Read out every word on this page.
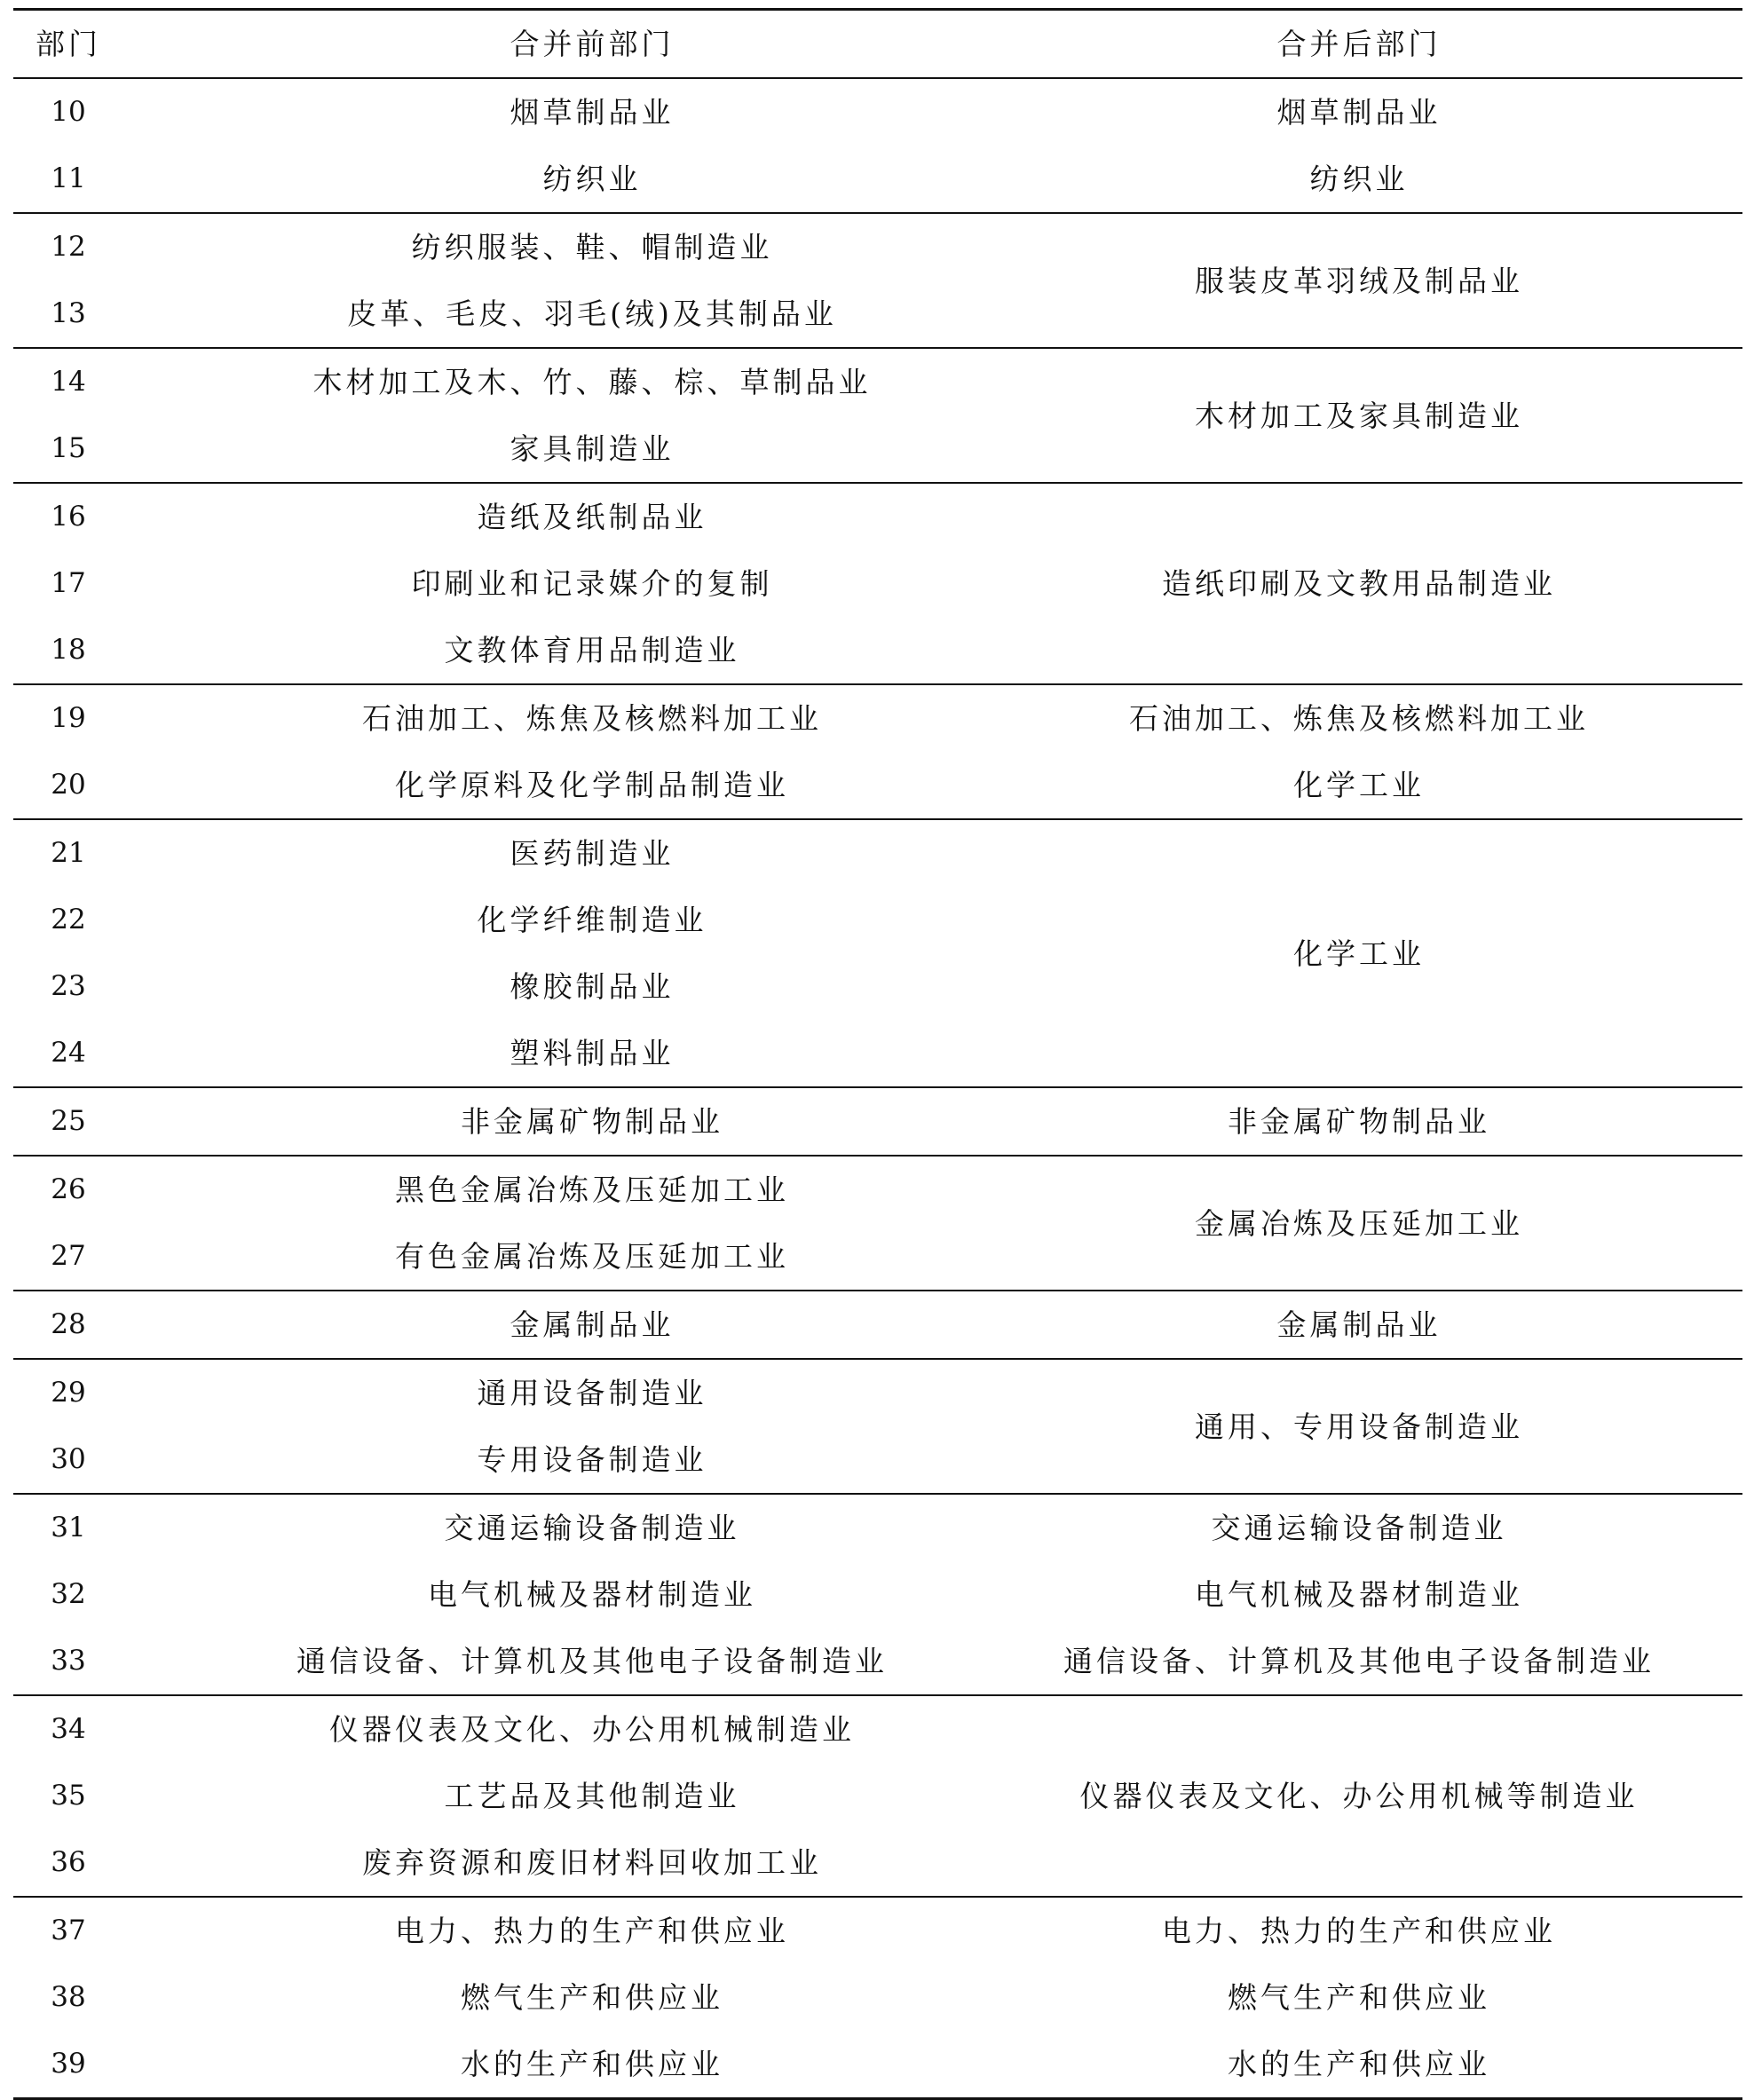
部门	合并前部门	合并后部门
10	烟草制品业	烟草制品业
11	纺织业	纺织业
12	纺织服装、鞋、帽制造业	服装皮革羽绒及制品业
13	皮革、毛皮、羽毛(绒)及其制品业	
14	木材加工及木、竹、藤、棕、草制品业	木材加工及家具制造业
15	家具制造业	
16	造纸及纸制品业	造纸印刷及文教用品制造业
17	印刷业和记录媒介的复制	
18	文教体育用品制造业	
19	石油加工、炼焦及核燃料加工业	石油加工、炼焦及核燃料加工业
20	化学原料及化学制品制造业	化学工业
21	医药制造业	化学工业
22	化学纤维制造业	
23	橡胶制品业	
24	塑料制品业	
25	非金属矿物制品业	非金属矿物制品业
26	黑色金属冶炼及压延加工业	金属冶炼及压延加工业
27	有色金属冶炼及压延加工业	
28	金属制品业	金属制品业
29	通用设备制造业	通用、专用设备制造业
30	专用设备制造业	
31	交通运输设备制造业	交通运输设备制造业
32	电气机械及器材制造业	电气机械及器材制造业
33	通信设备、计算机及其他电子设备制造业	通信设备、计算机及其他电子设备制造业
34	仪器仪表及文化、办公用机械制造业	仪器仪表及文化、办公用机械等制造业
35	工艺品及其他制造业	
36	废弃资源和废旧材料回收加工业	
37	电力、热力的生产和供应业	电力、热力的生产和供应业
38	燃气生产和供应业	燃气生产和供应业
39	水的生产和供应业	水的生产和供应业
